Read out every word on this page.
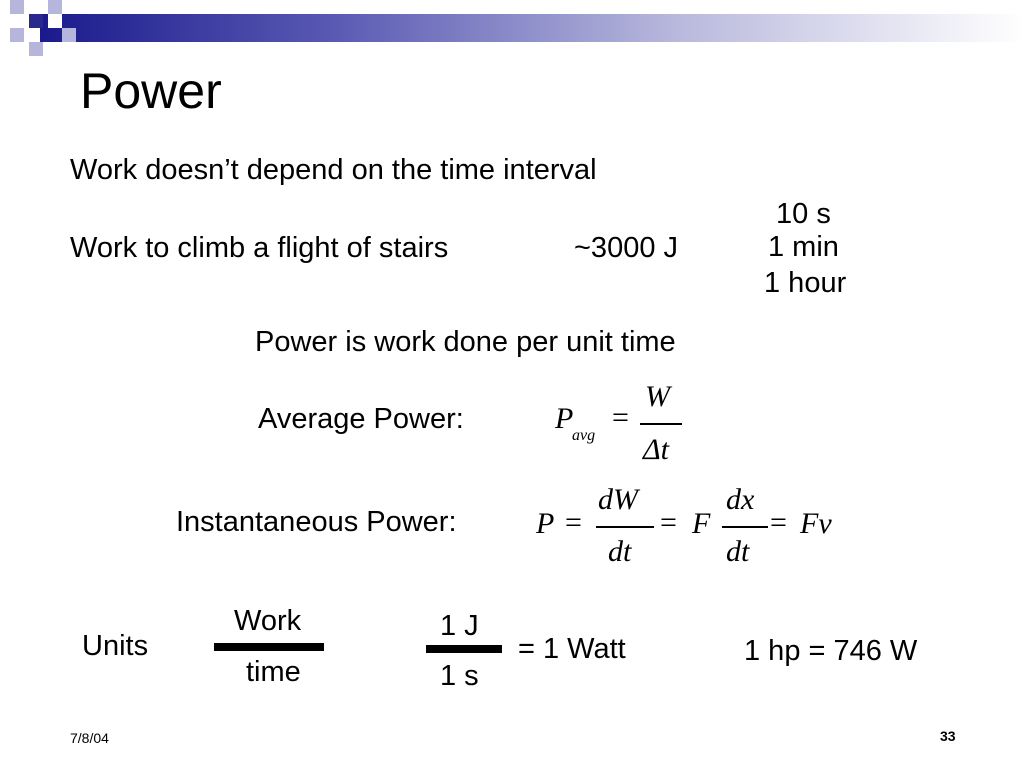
Power
Work doesn’t depend on the time interval
Work to climb a flight of stairs	~3000 J
10 s
1 min
1 hour
Power is work done per unit time
Average Power:	P
avg
=
W
Δt
Instantaneous Power:	P =
dW
dt
= F
dx
dt
= Fv
Units
Work
time
1 J
1 s
= 1 Watt	1 hp = 746 W
7/8/04	33
